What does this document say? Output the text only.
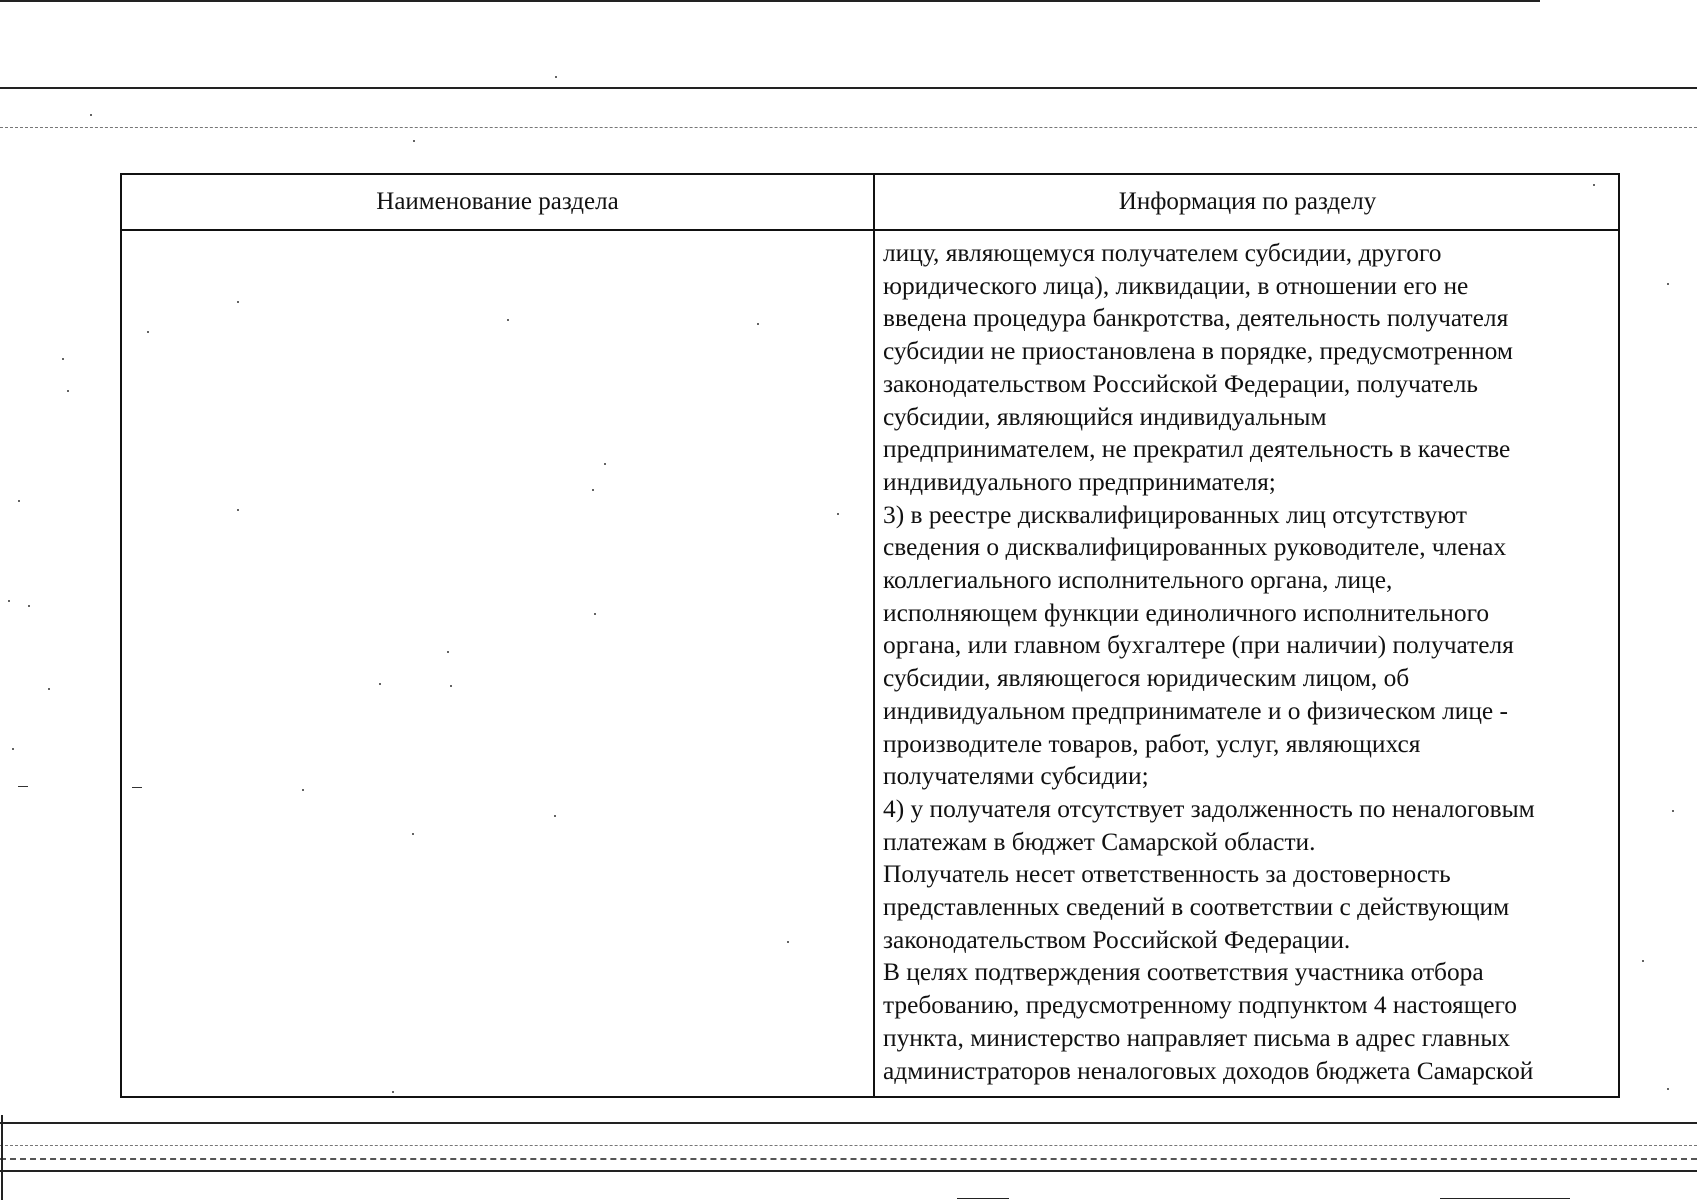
Наименование раздела	Информация по разделу
лицу, являющемуся получателем субсидии, другого
юридического лица), ликвидации, в отношении его не
введена процедура банкротства, деятельность получателя
субсидии не приостановлена в порядке, предусмотренном
законодательством Российской Федерации, получатель
субсидии, являющийся индивидуальным
предпринимателем, не прекратил деятельность в качестве
индивидуального предпринимателя;
3) в реестре дисквалифицированных лиц отсутствуют
сведения о дисквалифицированных руководителе, членах
коллегиального исполнительного органа, лице,
исполняющем функции единоличного исполнительного
органа, или главном бухгалтере (при наличии) получателя
субсидии, являющегося юридическим лицом, об
индивидуальном предпринимателе и о физическом лице -
производителе товаров, работ, услуг, являющихся
получателями субсидии;
4) у получателя отсутствует задолженность по неналоговым
платежам в бюджет Самарской области.
Получатель несет ответственность за достоверность
представленных сведений в соответствии с действующим
законодательством Российской Федерации.
В целях подтверждения соответствия участника отбора
требованию, предусмотренному подпунктом 4 настоящего
пункта, министерство направляет письма в адрес главных
администраторов неналоговых доходов бюджета Самарской
